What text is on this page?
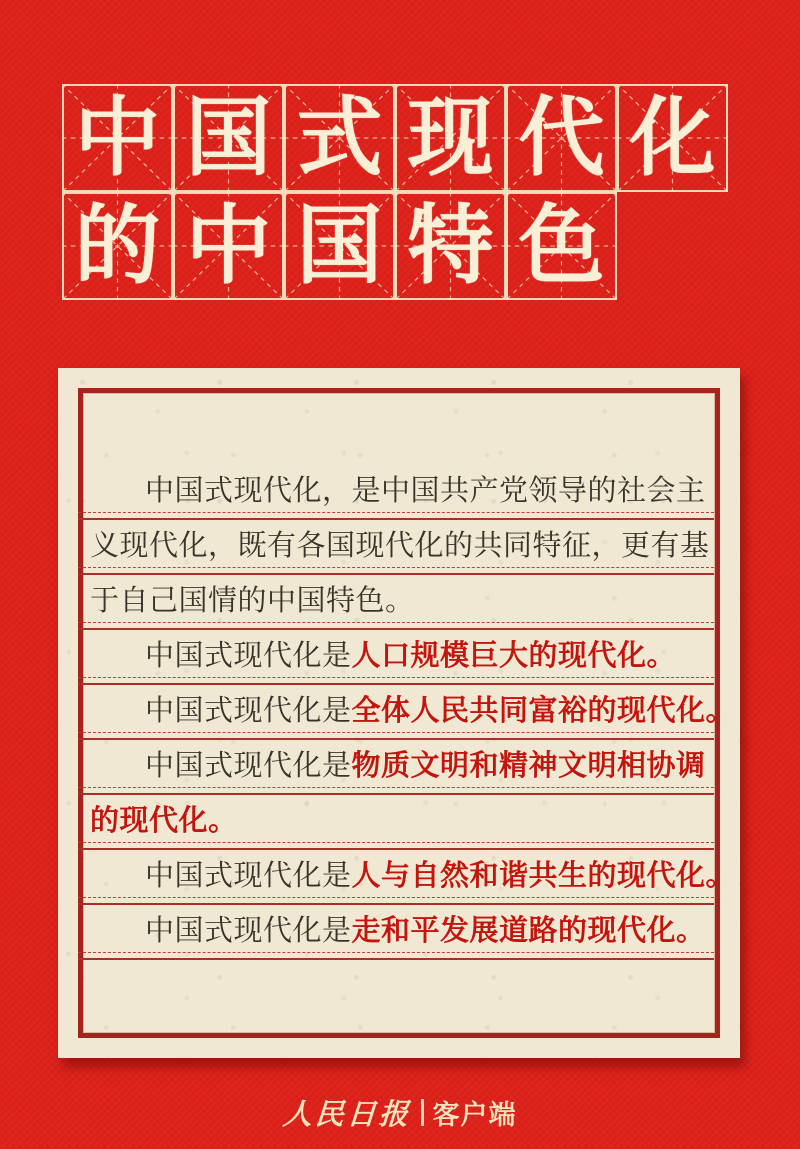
中 国 式 现 代 化
的 中 国 特 色
中国式现代化，是中国共产党领导的社会主
义现代化，既有各国现代化的共同特征，更有基
于自己国情的中国特色。
中国式现代化是人口规模巨大的现代化。
中国式现代化是全体人民共同富裕的现代化。
中国式现代化是物质文明和精神文明相协调
的现代化。
中国式现代化是人与自然和谐共生的现代化。
中国式现代化是走和平发展道路的现代化。
人民日报 客户端
